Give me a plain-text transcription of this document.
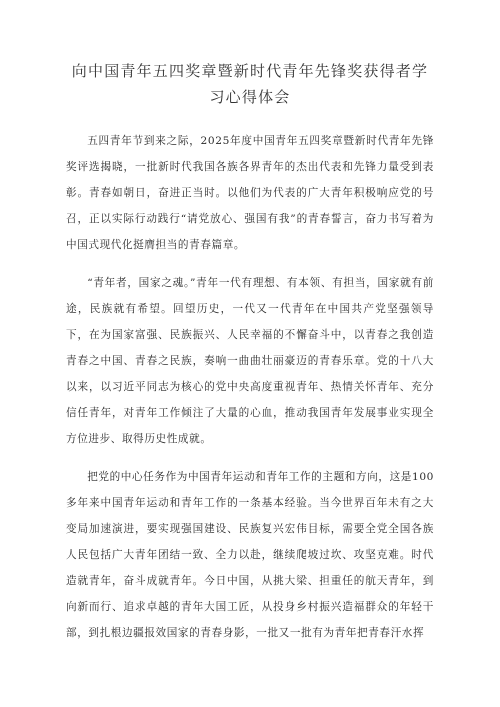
向中国青年五四奖章暨新时代青年先锋奖获得者学
习心得体会

五四青年节到来之际，2025年度中国青年五四奖章暨新时代青年先锋奖评选揭晓，一批新时代我国各族各界青年的杰出代表和先锋力量受到表彰。青春如朝日，奋进正当时。以他们为代表的广大青年积极响应党的号召，正以实际行动践行“请党放心、强国有我”的青春誓言，奋力书写着为中国式现代化挺膺担当的青春篇章。

“青年者，国家之魂。”青年一代有理想、有本领、有担当，国家就有前途，民族就有希望。回望历史，一代又一代青年在中国共产党坚强领导下，在为国家富强、民族振兴、人民幸福的不懈奋斗中，以青春之我创造青春之中国、青春之民族，奏响一曲曲壮丽豪迈的青春乐章。党的十八大以来，以习近平同志为核心的党中央高度重视青年、热情关怀青年、充分信任青年，对青年工作倾注了大量的心血，推动我国青年发展事业实现全方位进步、取得历史性成就。

把党的中心任务作为中国青年运动和青年工作的主题和方向，这是100多年来中国青年运动和青年工作的一条基本经验。当今世界百年未有之大变局加速演进，要实现强国建设、民族复兴宏伟目标，需要全党全国各族人民包括广大青年团结一致、全力以赴，继续爬坡过坎、攻坚克难。时代造就青年，奋斗成就青年。今日中国，从挑大梁、担重任的航天青年，到向新而行、追求卓越的青年大国工匠，从投身乡村振兴造福群众的年轻干部，到扎根边疆报效国家的青春身影，一批又一批有为青年把青春汗水挥
